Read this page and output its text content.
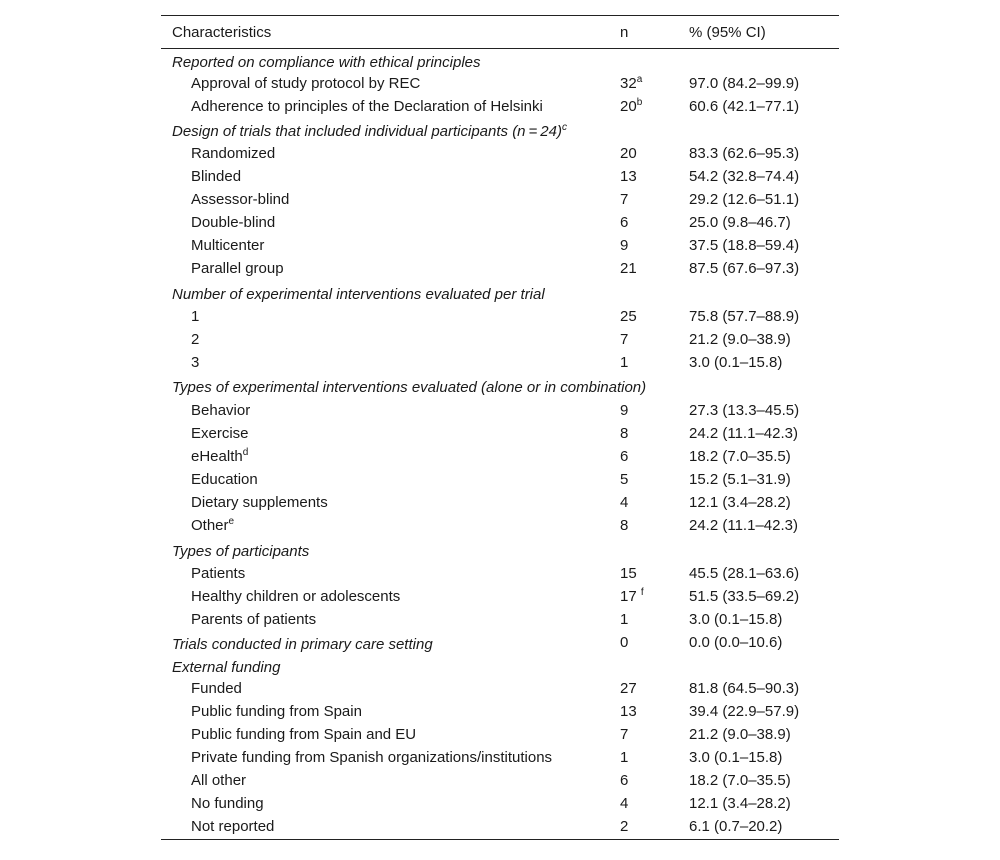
Characteristics	n	% (95% CI)
Reported on compliance with ethical principles
Approval of study protocol by REC	32$^a$	97.0 (84.2–99.9)
Adherence to principles of the Declaration of Helsinki	20$^b$	60.6 (42.1–77.1)
Design of trials that included individual participants (n = 24)$^c$
Randomized	20	83.3 (62.6–95.3)
Blinded	13	54.2 (32.8–74.4)
Assessor-blind	7	29.2 (12.6–51.1)
Double-blind	6	25.0 (9.8–46.7)
Multicenter	9	37.5 (18.8–59.4)
Parallel group	21	87.5 (67.6–97.3)
Number of experimental interventions evaluated per trial
1	25	75.8 (57.7–88.9)
2	7	21.2 (9.0–38.9)
3	1	3.0 (0.1–15.8)
Types of experimental interventions evaluated (alone or in combination)
Behavior	9	27.3 (13.3–45.5)
Exercise	8	24.2 (11.1–42.3)
eHealth$^d$	6	18.2 (7.0–35.5)
Education	5	15.2 (5.1–31.9)
Dietary supplements	4	12.1 (3.4–28.2)
Other$^e$	8	24.2 (11.1–42.3)
Types of participants
Patients	15	45.5 (28.1–63.6)
Healthy children or adolescents	17 $^f$	51.5 (33.5–69.2)
Parents of patients	1	3.0 (0.1–15.8)
Trials conducted in primary care setting	0	0.0 (0.0–10.6)
External funding
Funded	27	81.8 (64.5–90.3)
Public funding from Spain	13	39.4 (22.9–57.9)
Public funding from Spain and EU	7	21.2 (9.0–38.9)
Private funding from Spanish organizations/institutions	1	3.0 (0.1–15.8)
All other	6	18.2 (7.0–35.5)
No funding	4	12.1 (3.4–28.2)
Not reported	2	6.1 (0.7–20.2)
